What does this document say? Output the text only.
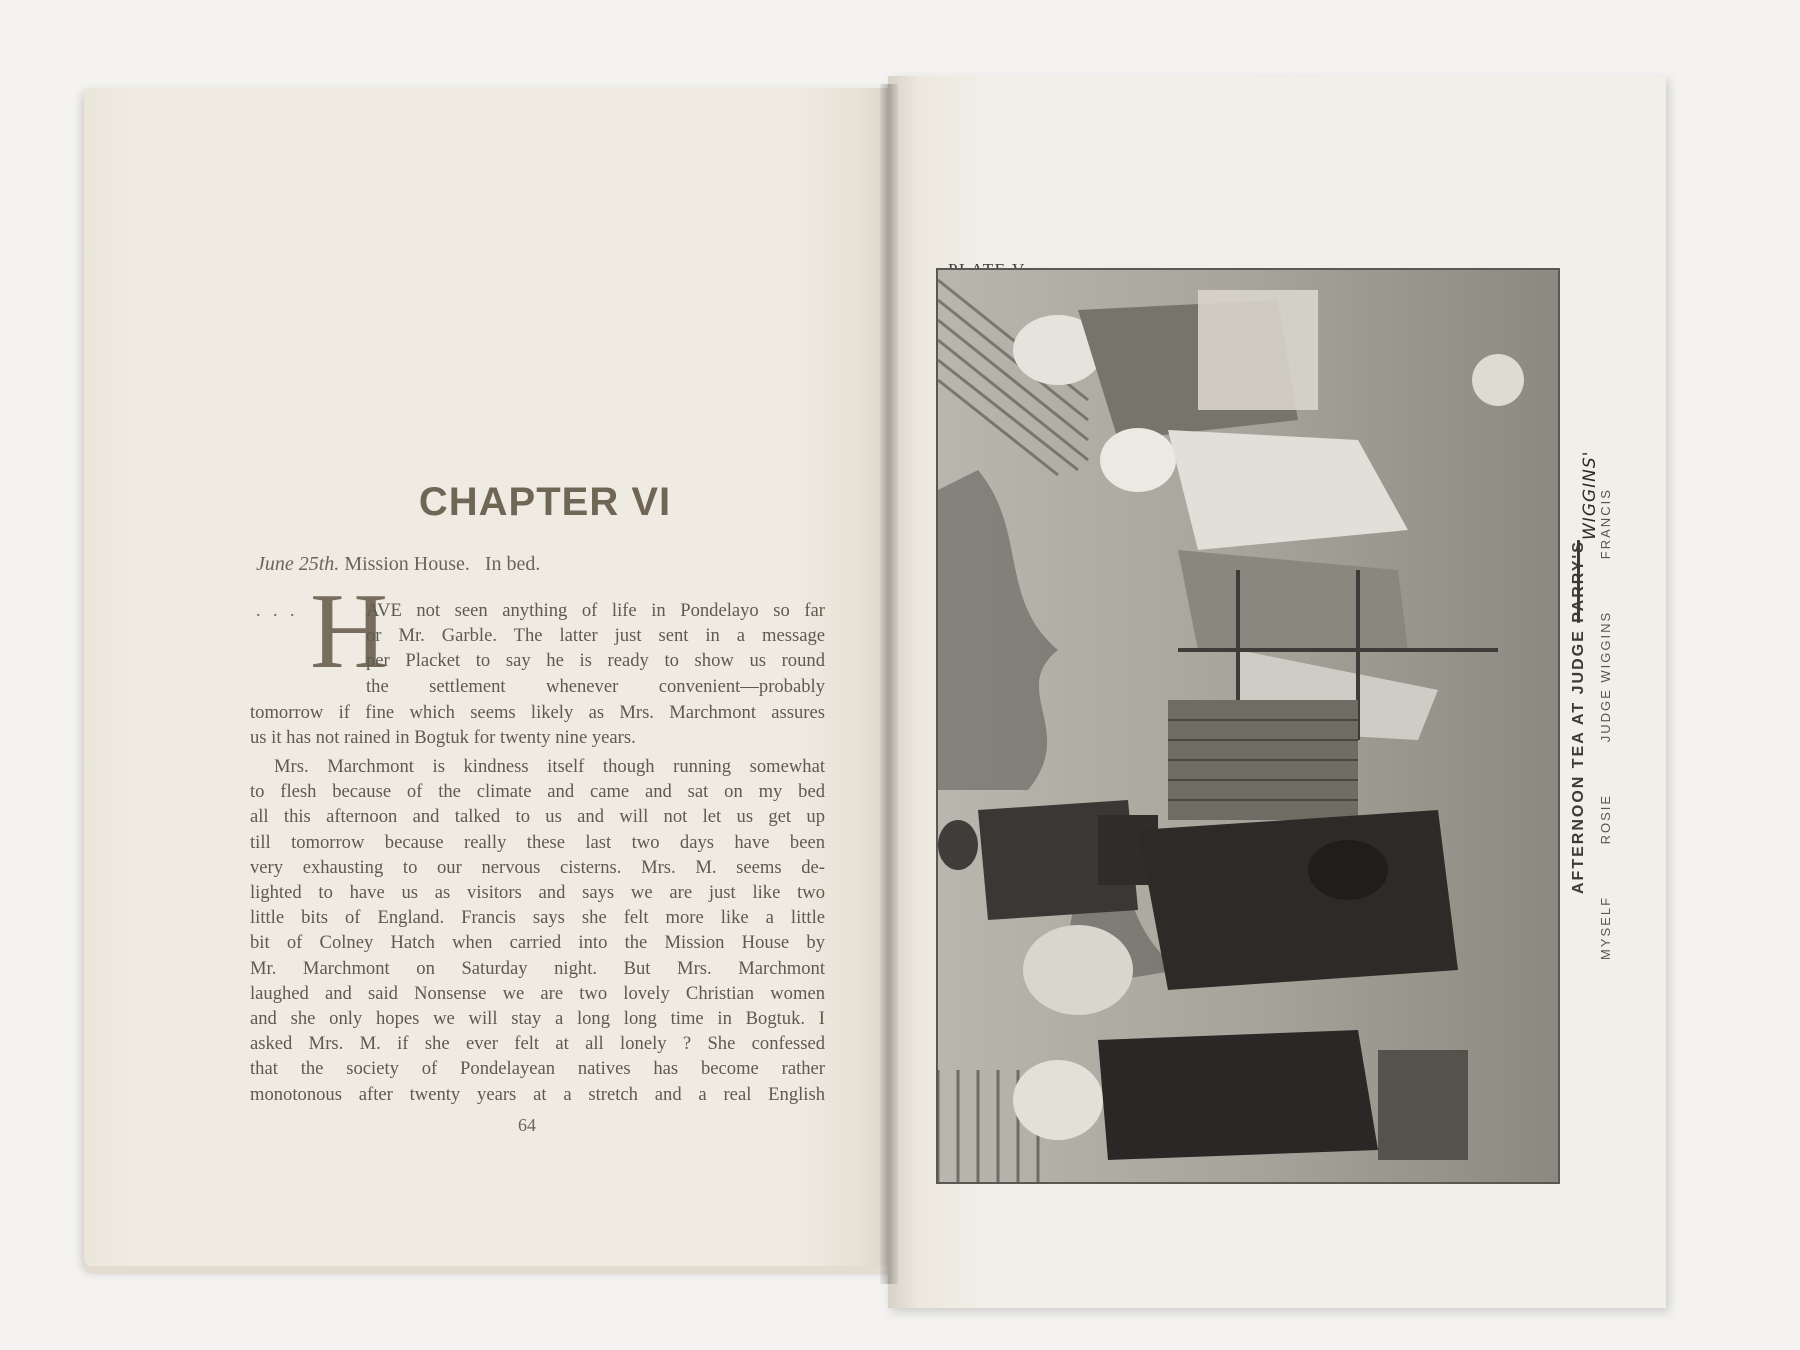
CHAPTER VI
June 25th. Mission House.   In bed.
. . . H
AVE not seen anything of life in Pondelayo so far
or Mr. Garble. The latter just sent in a message
per Placket to say he is ready to show us round
the settlement whenever convenient—probably
tomorrow if fine which seems likely as Mrs. Marchmont assures
us it has not rained in Bogtuk for twenty nine years.
Mrs. Marchmont is kindness itself though running somewhat
to flesh because of the climate and came and sat on my bed
all this afternoon and talked to us and will not let us get up
till tomorrow because really these last two days have been
very exhausting to our nervous cisterns. Mrs. M. seems de-
lighted to have us as visitors and says we are just like two
little bits of England. Francis says she felt more like a little
bit of Colney Hatch when carried into the Mission House by
Mr. Marchmont on Saturday night. But Mrs. Marchmont
laughed and said Nonsense we are two lovely Christian women
and she only hopes we will stay a long long time in Bogtuk. I
asked Mrs. M. if she ever felt at all lonely ? She confessed
that the society of Pondelayean natives has become rather
monotonous after twenty years at a stretch and a real English
64
AFTERNOON TEA AT JUDGE PARRY'S
WIGGINS'
MYSELF ROSIE JUDGE WIGGINS FRANCIS
